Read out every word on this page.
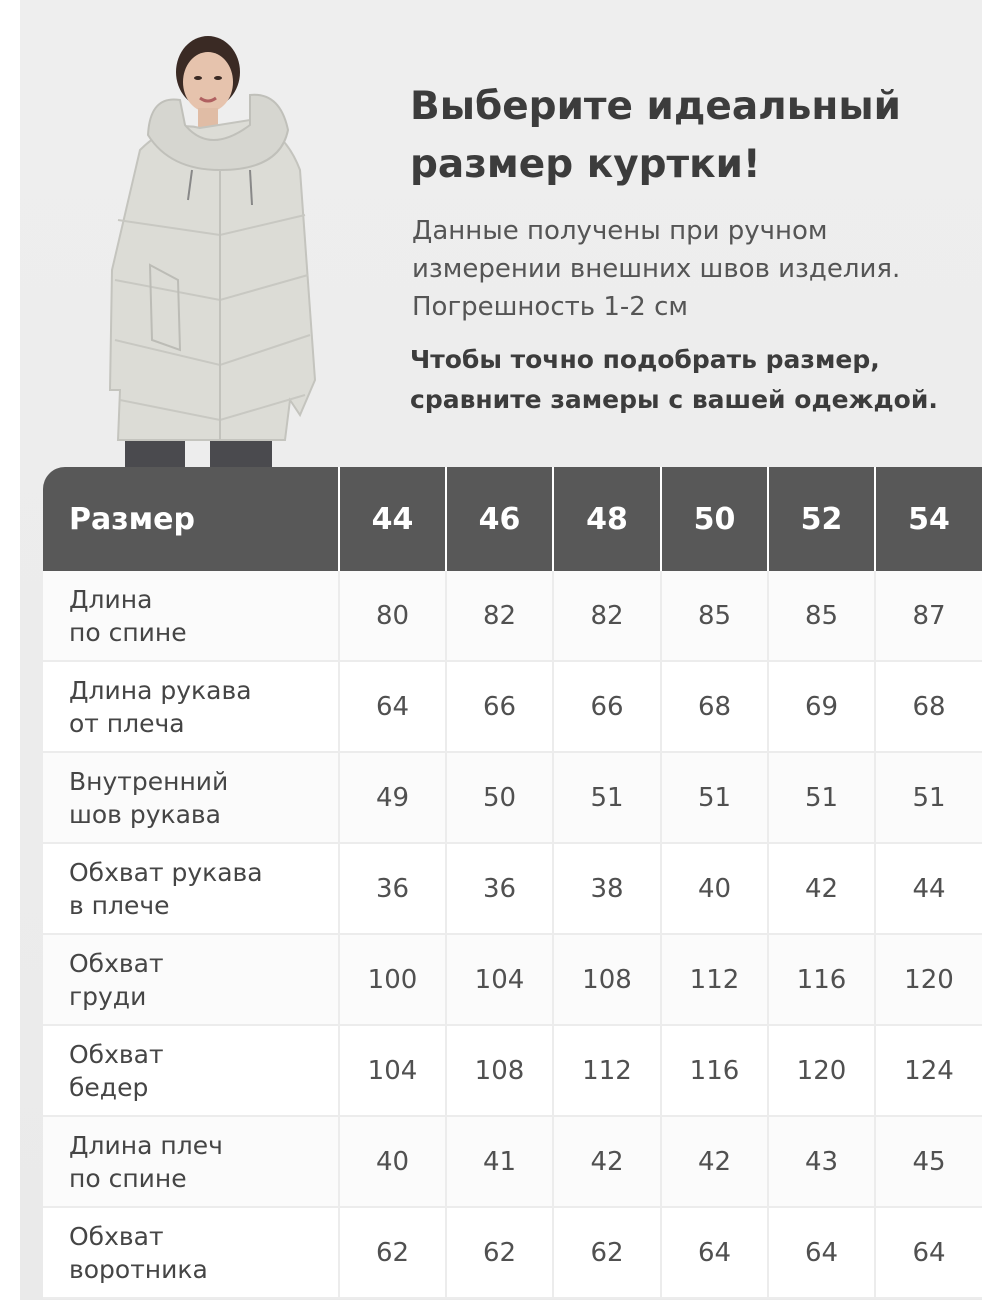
Выберите идеальный
размер куртки!
Данные получены при ручном
измерении внешних швов изделия.
Погрешность 1-2 см
Чтобы точно подобрать размер,
сравните замеры с вашей одеждой.
Размер	44	46	48	50	52	54

Длина
по спине	80	82	82	85	85	87

Длина рукава
от плеча	64	66	66	68	69	68

Внутренний
шов рукава	49	50	51	51	51	51

Обхват рукава
в плече	36	36	38	40	42	44

Обхват
груди	100	104	108	112	116	120

Обхват
бедер	104	108	112	116	120	124

Длина плеч
по спине	40	41	42	42	43	45

Обхват
воротника	62	62	62	64	64	64
